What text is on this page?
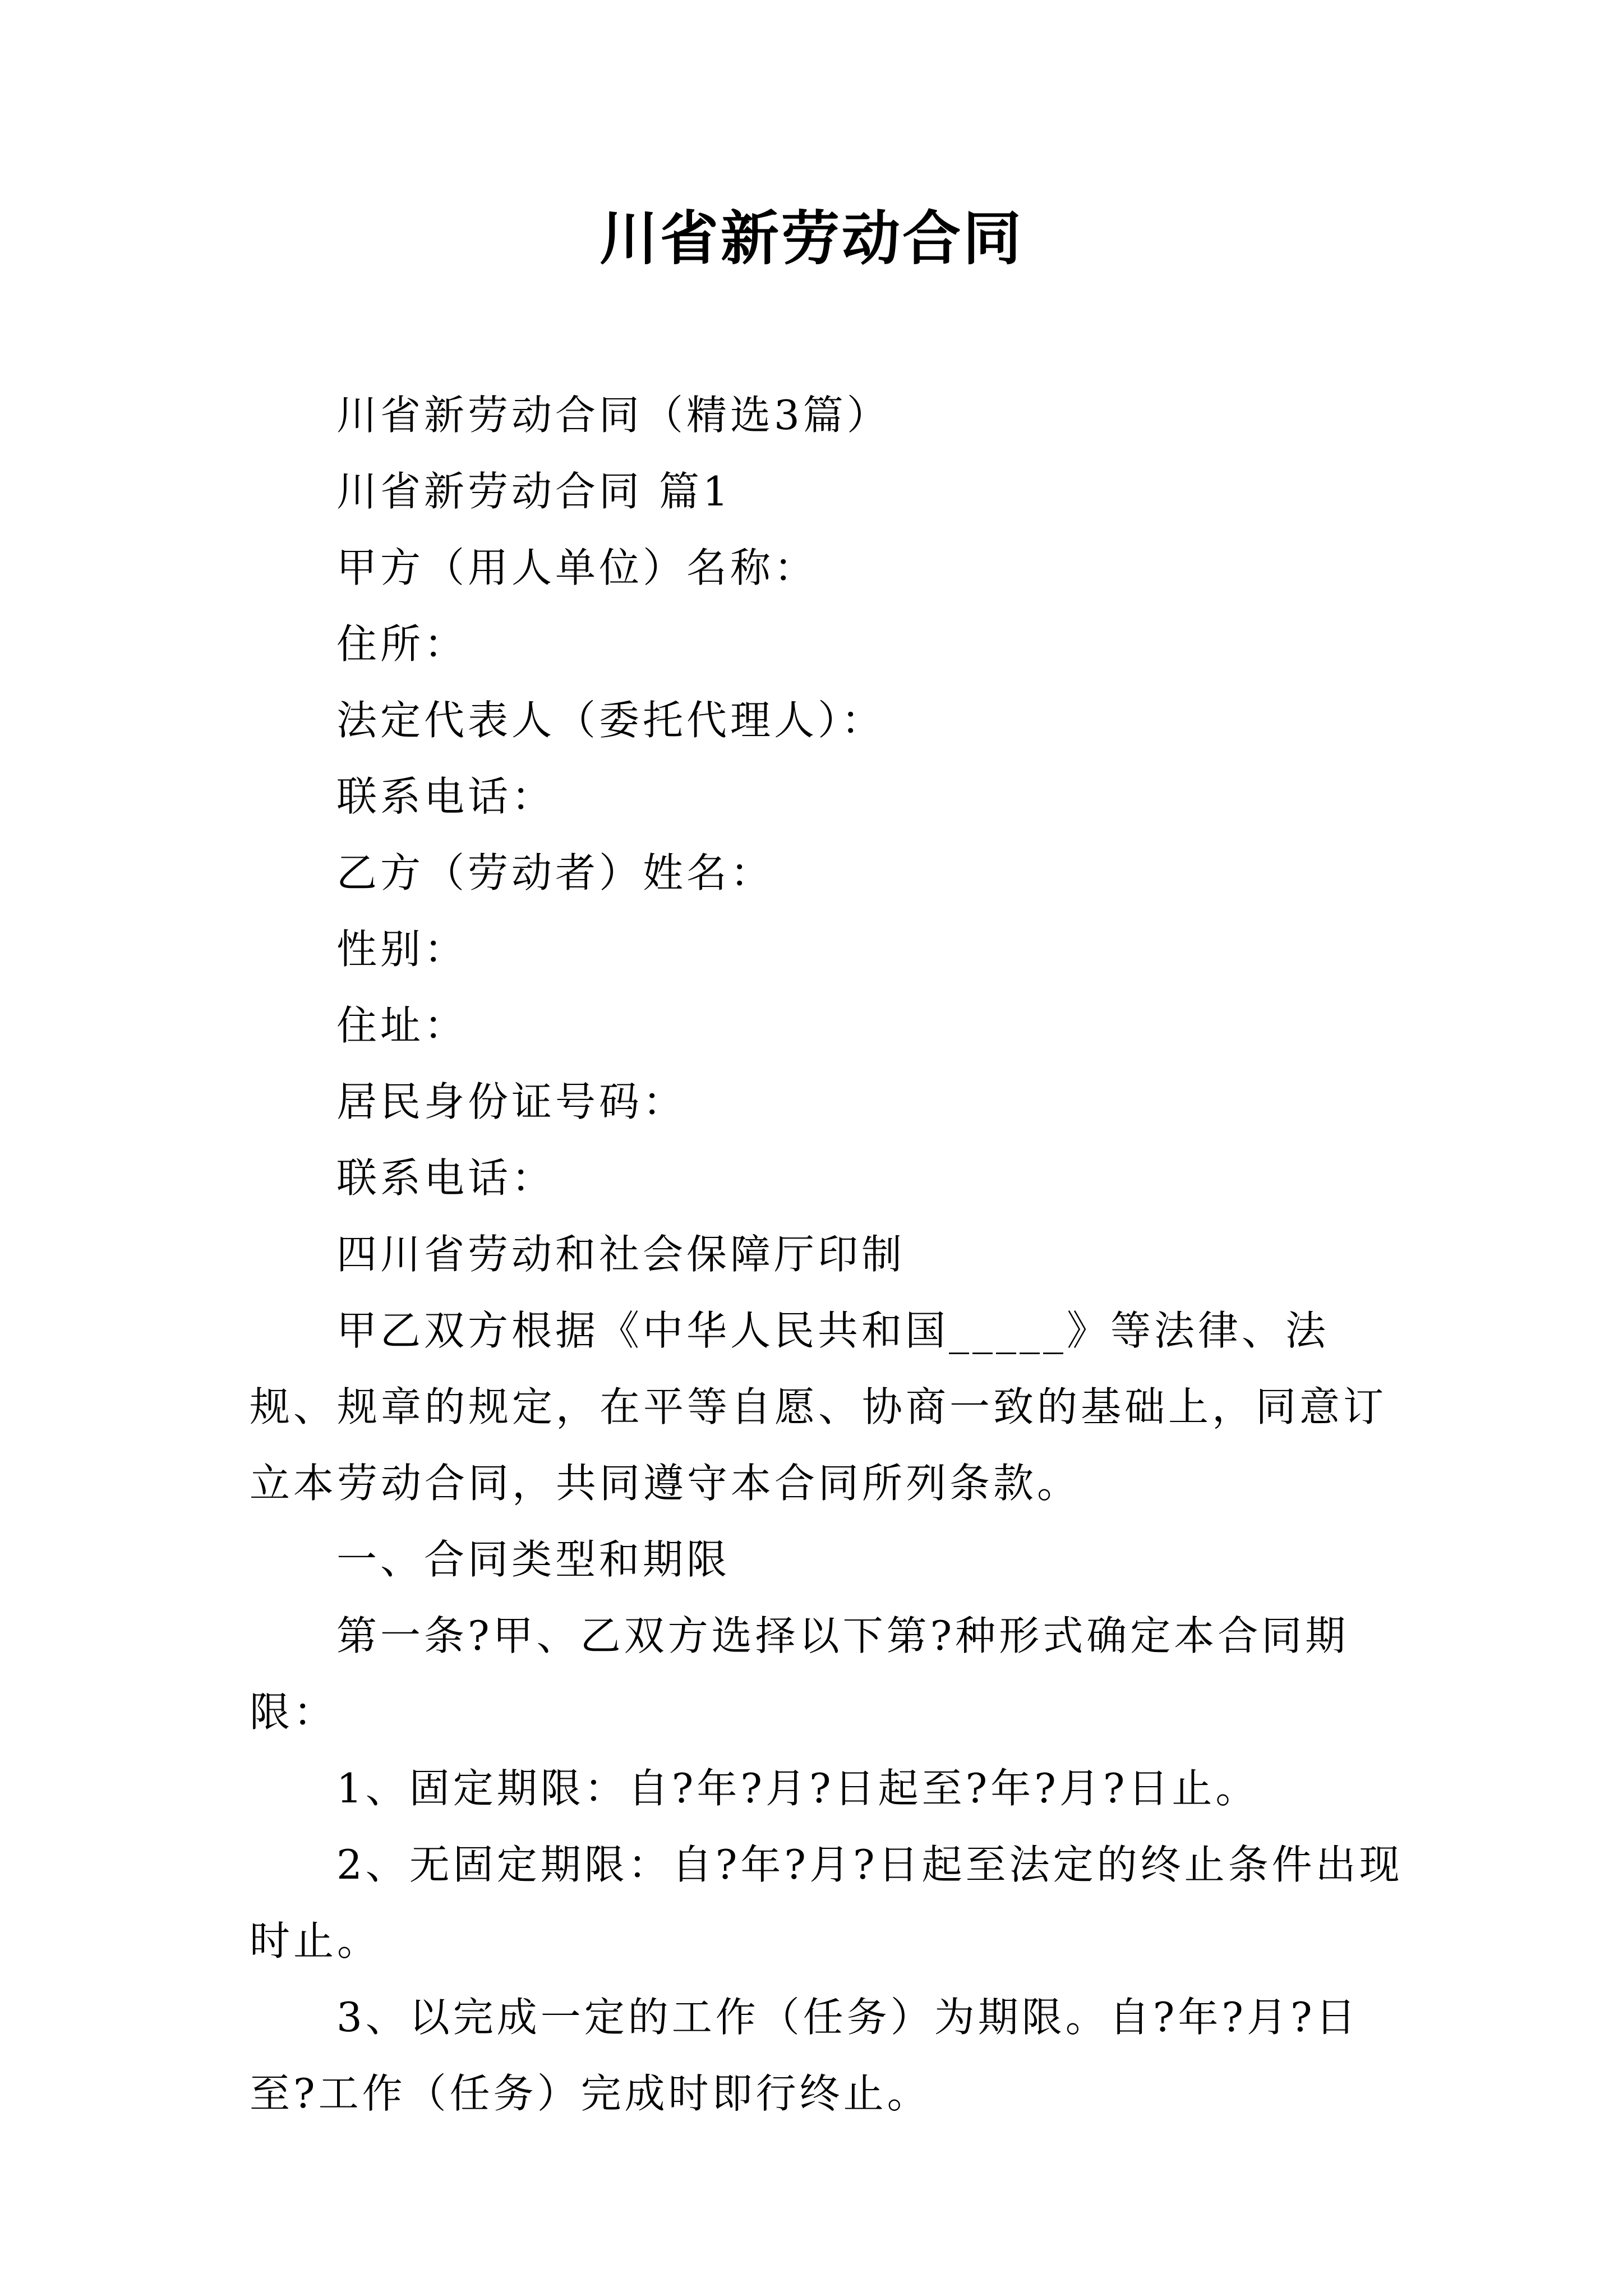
川省新劳动合同

川省新劳动合同（精选3篇）

川省新劳动合同 篇1

甲方（用人单位）名称：

住所：

法定代表人（委托代理人）：

联系电话：

乙方（劳动者）姓名：

性别：

住址：

居民身份证号码：

联系电话：

四川省劳动和社会保障厅印制

甲乙双方根据《中华人民共和国_____》等法律、法规、规章的规定，在平等自愿、协商一致的基础上，同意订立本劳动合同，共同遵守本合同所列条款。

一、合同类型和期限

第一条?甲、乙双方选择以下第?种形式确定本合同期限：

1、固定期限：自?年?月?日起至?年?月?日止。

2、无固定期限：自?年?月?日起至法定的终止条件出现时止。

3、以完成一定的工作（任务）为期限。自?年?月?日至?工作（任务）完成时即行终止。
